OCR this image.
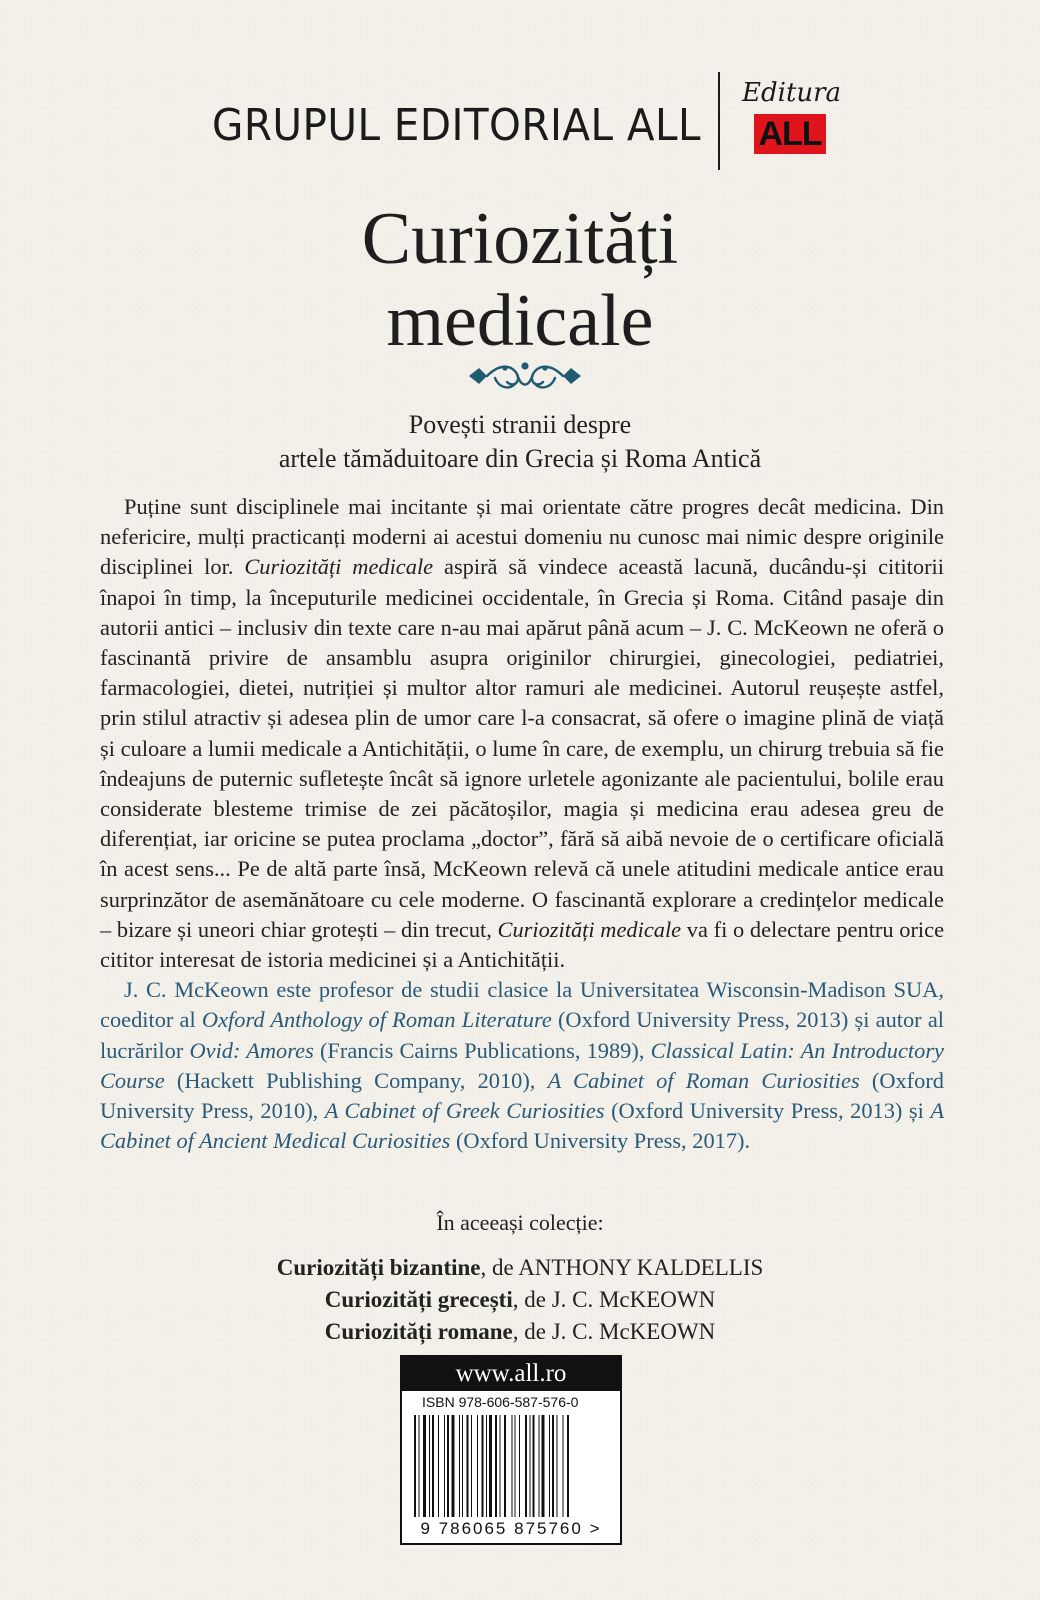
GRUPUL EDITORIAL ALL
Editura
ALL
Curiozități
medicale
Povești stranii despre
artele tămăduitoare din Grecia și Roma Antică

Puține sunt disciplinele mai incitante și mai orientate către progres decât medicina. Din nefericire, mulți practicanți moderni ai acestui domeniu nu cunosc mai nimic despre originile disciplinei lor. Curiozități medicale aspiră să vindece această lacună, ducându-și cititorii înapoi în timp, la începuturile medicinei occidentale, în Grecia și Roma. Citând pasaje din autorii antici – inclusiv din texte care n-au mai apărut până acum – J. C. McKeown ne oferă o fascinantă privire de ansamblu asupra originilor chirurgiei, ginecologiei, pediatriei, farmacologiei, dietei, nutriției și multor altor ramuri ale medicinei. Autorul reușește astfel, prin stilul atractiv și adesea plin de umor care l-a consacrat, să ofere o imagine plină de viață și culoare a lumii medicale a Antichității, o lume în care, de exemplu, un chirurg trebuia să fie îndeajuns de puternic sufletește încât să ignore urletele agonizante ale pacientului, bolile erau considerate blesteme trimise de zei păcătoșilor, magia și medicina erau adesea greu de diferențiat, iar oricine se putea proclama „doctor”, fără să aibă nevoie de o certificare oficială în acest sens... Pe de altă parte însă, McKeown relevă că unele atitudini medicale antice erau surprinzător de asemănătoare cu cele moderne. O fascinantă explorare a credințelor medicale – bizare și uneori chiar grotești – din trecut, Curiozități medicale va fi o delectare pentru orice cititor interesat de istoria medicinei și a Antichității.

J. C. McKeown este profesor de studii clasice la Universitatea Wisconsin-Madison SUA, coeditor al Oxford Anthology of Roman Literature (Oxford University Press, 2013) și autor al lucrărilor Ovid: Amores (Francis Cairns Publications, 1989), Classical Latin: An Introductory Course (Hackett Publishing Company, 2010), A Cabinet of Roman Curiosities (Oxford University Press, 2010), A Cabinet of Greek Curiosities (Oxford University Press, 2013) și A Cabinet of Ancient Medical Curiosities (Oxford University Press, 2017).

În aceeași colecție:
Curiozități bizantine, de ANTHONY KALDELLIS
Curiozități grecești, de J. C. McKEOWN
Curiozități romane, de J. C. McKEOWN
www.all.ro
ISBN 978-606-587-576-0
9 786065 875760 >
